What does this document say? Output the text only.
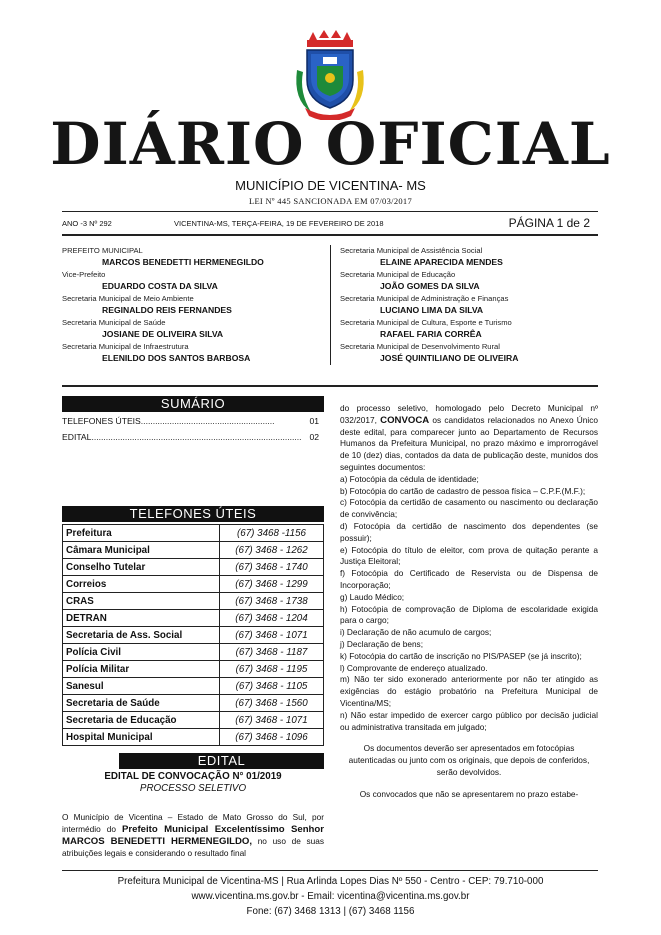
DIÁRIO OFICIAL
MUNICÍPIO DE VICENTINA- MS
LEI Nº 445 SANCIONADA EM 07/03/2017
ANO -3 Nº 292	VICENTINA-MS, TERÇA-FEIRA, 19 DE FEVEREIRO DE 2018	PÁGINA 1 de 2
PREFEITO MUNICIPAL
MARCOS BENEDETTI HERMENEGILDO
Vice-Prefeito
EDUARDO COSTA DA SILVA
Secretaria Municipal de Meio Ambiente
REGINALDO REIS FERNANDES
Secretaria Municipal de Saúde
JOSIANE DE OLIVEIRA SILVA
Secretaria Municipal de Infraestrutura
ELENILDO DOS SANTOS BARBOSA
Secretaria Municipal de Assistência Social
ELAINE APARECIDA MENDES
Secretaria Municipal de Educação
JOÃO GOMES DA SILVA
Secretaria Municipal de Administração e Finanças
LUCIANO LIMA DA SILVA
Secretaria Municipal de Cultura, Esporte e Turismo
RAFAEL FARIA CORRÊA
Secretaria Municipal de Desenvolvimento Rural
JOSÉ QUINTILIANO DE OLIVEIRA
SUMÁRIO
TELEFONES ÚTEIS........................................................	01
EDITAL........................................................................................ 02
TELEFONES ÚTEIS
Prefeitura	(67) 3468 -1156
Câmara Municipal	(67) 3468 - 1262
Conselho Tutelar	(67) 3468 - 1740
Correios	(67) 3468 - 1299
CRAS	(67) 3468 - 1738
DETRAN	(67) 3468 - 1204
Secretaria de Ass. Social	(67) 3468 - 1071
Polícia Civil	(67) 3468 - 1187
Polícia Militar	(67) 3468 - 1195
Sanesul	(67) 3468 - 1105
Secretaria de Saúde	(67) 3468 - 1560
Secretaria de Educação	(67) 3468 - 1071
Hospital Municipal	(67) 3468 - 1096
EDITAL
EDITAL DE CONVOCAÇÃO N° 01/2019
PROCESSO SELETIVO
O Município de Vicentina – Estado de Mato Grosso do Sul, por intermédio do Prefeito Municipal Excelentíssimo Senhor MARCOS BENEDETTI HERMENEGILDO, no uso de suas atribuições legais e considerando o resultado final

do processo seletivo, homologado pelo Decreto Municipal nº 032/2017, CONVOCA os candidatos relacionados no Anexo Único deste edital, para comparecer junto ao Departamento de Recursos Humanos da Prefeitura Municipal, no prazo máximo e improrrogável de 10 (dez) dias, contados da data de publicação deste, munidos dos seguintes documentos:

a) Fotocópia da cédula de identidade;

b) Fotocópia do cartão de cadastro de pessoa física – C.P.F.(M.F.);

c) Fotocópia da certidão de casamento ou nascimento ou declaração de convivência;

d) Fotocópia da certidão de nascimento dos dependentes (se possuir);

e) Fotocópia do título de eleitor, com prova de quitação perante a Justiça Eleitoral;

f) Fotocópia do Certificado de Reservista ou de Dispensa de Incorporação;

g) Laudo Médico;

h) Fotocópia de comprovação de Diploma de escolaridade exigida para o cargo;

i) Declaração de não acumulo de cargos;

j) Declaração de bens;

k) Fotocópia do cartão de inscrição no PIS/PASEP (se já inscrito);

l) Comprovante de endereço atualizado.

m) Não ter sido exonerado anteriormente por não ter atingido as exigências do estágio probatório na Prefeitura Municipal de Vicentina/MS;

n) Não estar impedido de exercer cargo público por decisão judicial ou administrativa transitada em julgado;

Os documentos deverão ser apresentados em fotocópias autenticadas ou junto com os originais, que depois de conferidos, serão devolvidos.

Os convocados que não se apresentarem no prazo estabe-

Prefeitura Municipal de Vicentina-MS | Rua Arlinda Lopes Dias Nº 550 - Centro - CEP: 79.710-000
www.vicentina.ms.gov.br - Email: vicentina@vicentina.ms.gov.br
Fone: (67) 3468 1313 | (67) 3468 1156
